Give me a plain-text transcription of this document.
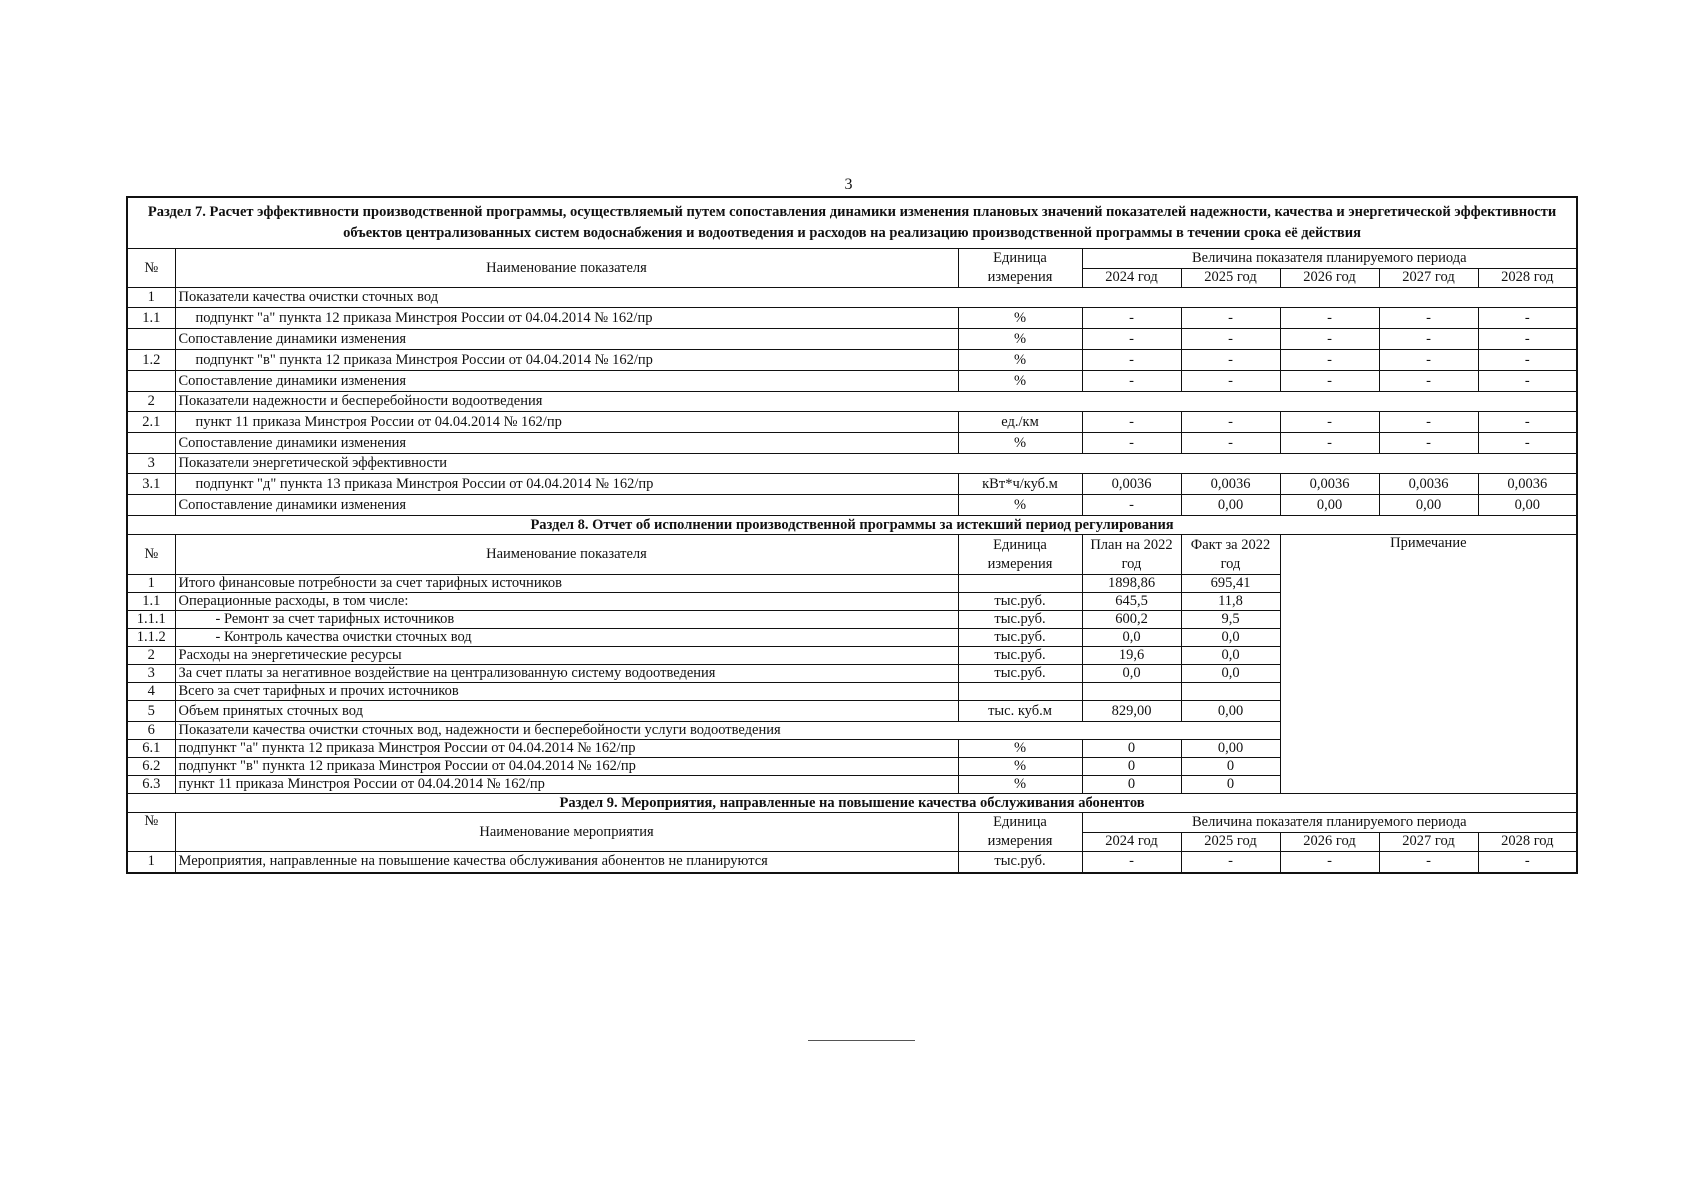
3
Раздел 7. Расчет эффективности производственной программы, осуществляемый путем сопоставления динамики изменения плановых значений показателей надежности, качества и энергетической эффективности объектов централизованных систем водоснабжения и водоотведения и расходов на реализацию производственной программы в течении срока её действия							
№	Наименование показателя	Единица измерения	Величина показателя планируемого периода				
			2024 год	2025 год	2026 год	2027 год	2028 год
1	Показатели качества очистки сточных вод						
1.1	подпункт "а" пункта 12 приказа Минстроя России от 04.04.2014 № 162/пр	%	-	-	-	-	-
	Сопоставление динамики изменения	%	-	-	-	-	-
1.2	подпункт "в" пункта 12 приказа Минстроя России от 04.04.2014 № 162/пр	%	-	-	-	-	-
	Сопоставление динамики изменения	%	-	-	-	-	-
2	Показатели надежности и бесперебойности водоотведения						
2.1	пункт 11 приказа Минстроя России от 04.04.2014 № 162/пр	ед./км	-	-	-	-	-
	Сопоставление динамики изменения	%	-	-	-	-	-
3	Показатели энергетической эффективности						
3.1	подпункт "д" пункта 13 приказа Минстроя России от 04.04.2014 № 162/пр	кВт*ч/куб.м	0,0036	0,0036	0,0036	0,0036	0,0036
	Сопоставление динамики изменения	%	-	0,00	0,00	0,00	0,00
Раздел 8. Отчет об исполнении производственной программы за истекший период регулирования							
№	Наименование показателя	Единица измерения	План на 2022 год	Факт за 2022 год	Примечание		
1	Итого финансовые потребности за счет тарифных источников		1898,86	695,41			
1.1	Операционные расходы, в том числе:	тыс.руб.	645,5	11,8			
1.1.1	- Ремонт за счет тарифных источников	тыс.руб.	600,2	9,5			
1.1.2	- Контроль качества очистки сточных вод	тыс.руб.	0,0	0,0			
2	Расходы на энергетические ресурсы	тыс.руб.	19,6	0,0			
3	За счет платы за негативное воздействие на централизованную систему водоотведения	тыс.руб.	0,0	0,0			
4	Всего за счет тарифных и прочих источников						
5	Объем принятых сточных вод	тыс. куб.м	829,00	0,00			
6	Показатели качества очистки сточных вод, надежности и бесперебойности услуги водоотведения						
6.1	подпункт "а" пункта 12 приказа Минстроя России от 04.04.2014 № 162/пр	%	0	0,00			
6.2	подпункт "в" пункта 12 приказа Минстроя России от 04.04.2014 № 162/пр	%	0	0			
6.3	пункт 11 приказа Минстроя России от 04.04.2014 № 162/пр	%	0	0			
Раздел 9. Мероприятия, направленные на повышение качества обслуживания абонентов							
№	Наименование мероприятия	Единица измерения	Величина показателя планируемого периода				
			2024 год	2025 год	2026 год	2027 год	2028 год
1	Мероприятия, направленные на повышение качества обслуживания абонентов не планируются	тыс.руб.	-	-	-	-	-
